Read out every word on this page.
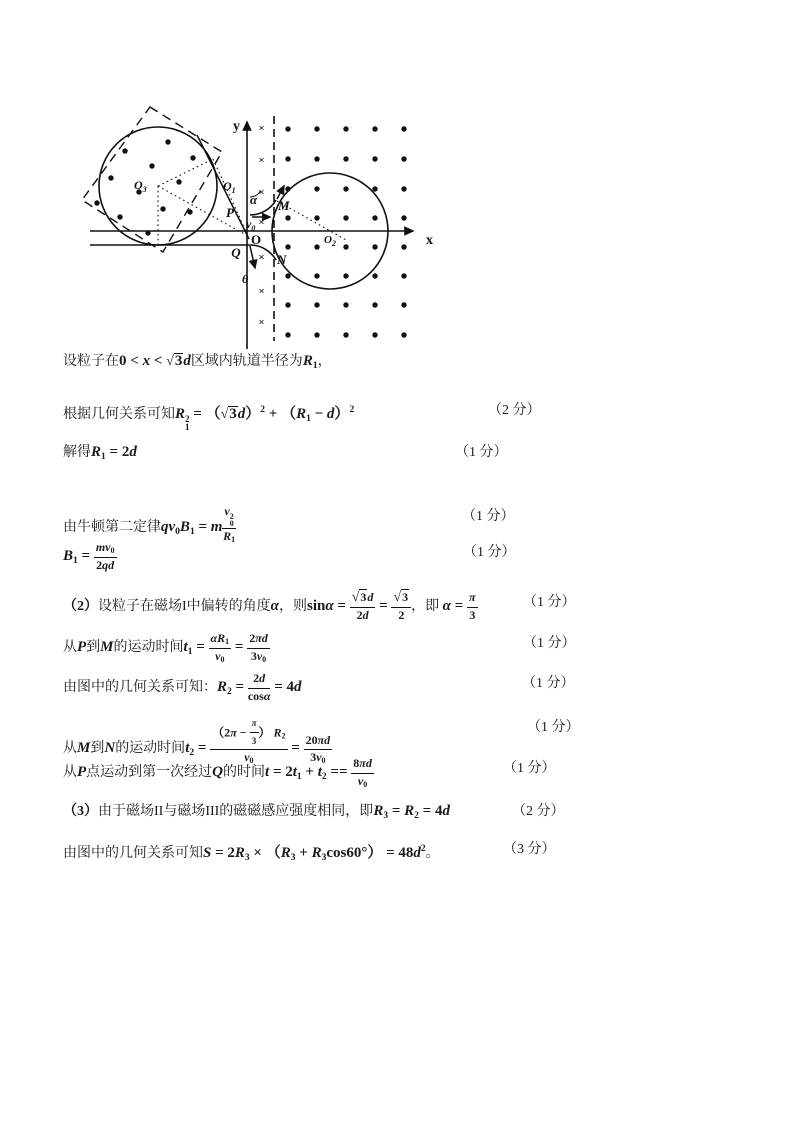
×
×
×
×
×
×
×
y
x
O
$O_1$
$O_2$
$O_3$
P
Q
M
N
$v_0$
α
θ
设粒子在0 < x < √3d区域内轨道半径为$R_1$，
根据几何关系可知R 2
1
= $(√3d)^2 + (R_1 - d)^2$	（2 分）
解得$R_1 = 2d$	（1 分）
由牛顿第二定律$qv_0B_1 = m$ v 2
0
R1	（1 分）
$B_1 = \frac{mv0}{2qd}$	（1 分）
（2）设粒子在磁场I中偏转的角度α，则$\sin\alpha = \frac{√3d}{2d} = \frac{√3}{2}$ ，即 $\alpha = \frac{\pi}{3}$	（1 分）
从P到M的运动时间$t_1 = \frac{\alpha R1}{v0} = \frac{2\pi d}{3v0}$	（1 分）
由图中的几何关系可知：$R_2 = \frac{2d}{\cos\alpha} = 4d$	（1 分）
从M到N的运动时间$t_2 = \frac{(2\pi - \frac{\pi}{3} ) R2}{v0} = \frac{20\pi d}{3v0}$
（1 分）
从P点运动到第一次经过Q的时间$t = 2t_1 + t_2 == \frac{8\pi d}{v0}$	（1 分）
（3）由于磁场II与磁场III的磁磁感应强度相同，即$R_3 = R_2 = 4d$	（2 分）
由图中的几何关系可知$S = 2R_3 \times (R_3 + R_3\cos 60^\circ) = 48d^2$。	（3 分）
